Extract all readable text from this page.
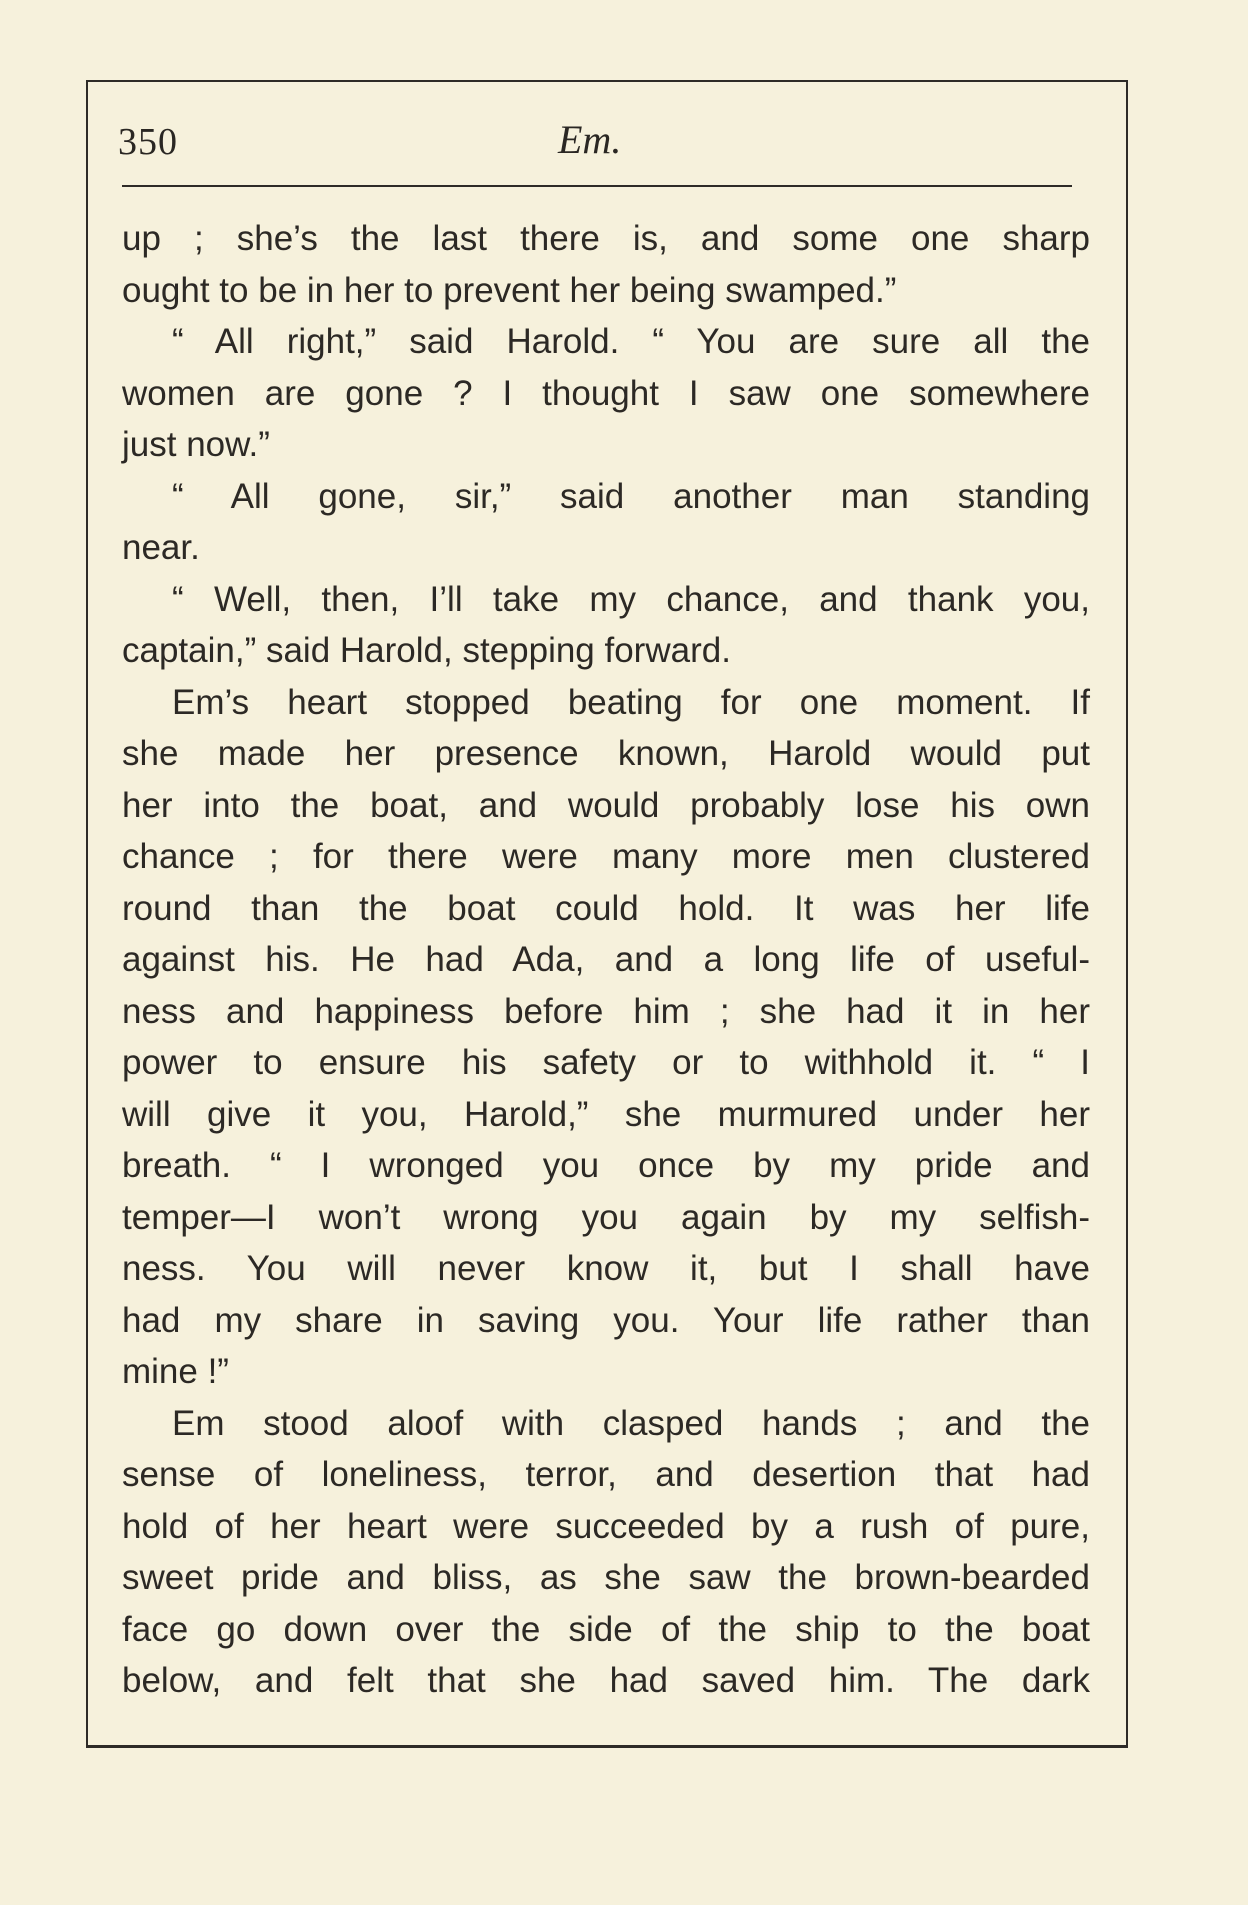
350	Em.
up ; she’s the last there is, and some one sharp
ought to be in her to prevent her being swamped.”
“ All right,” said Harold. “ You are sure all the
women are gone ? I thought I saw one somewhere
just now.”
“ All gone, sir,” said another man standing
near.
“ Well, then, I’ll take my chance, and thank you,
captain,” said Harold, stepping forward.
Em’s heart stopped beating for one moment. If
she made her presence known, Harold would put
her into the boat, and would probably lose his own
chance ; for there were many more men clustered
round than the boat could hold. It was her life
against his. He had Ada, and a long life of useful-
ness and happiness before him ; she had it in her
power to ensure his safety or to withhold it. “ I
will give it you, Harold,” she murmured under her
breath. “ I wronged you once by my pride and
temper—I won’t wrong you again by my selfish-
ness. You will never know it, but I shall have
had my share in saving you. Your life rather than
mine !”
Em stood aloof with clasped hands ; and the
sense of loneliness, terror, and desertion that had
hold of her heart were succeeded by a rush of pure,
sweet pride and bliss, as she saw the brown-bearded
face go down over the side of the ship to the boat
below, and felt that she had saved him. The dark
